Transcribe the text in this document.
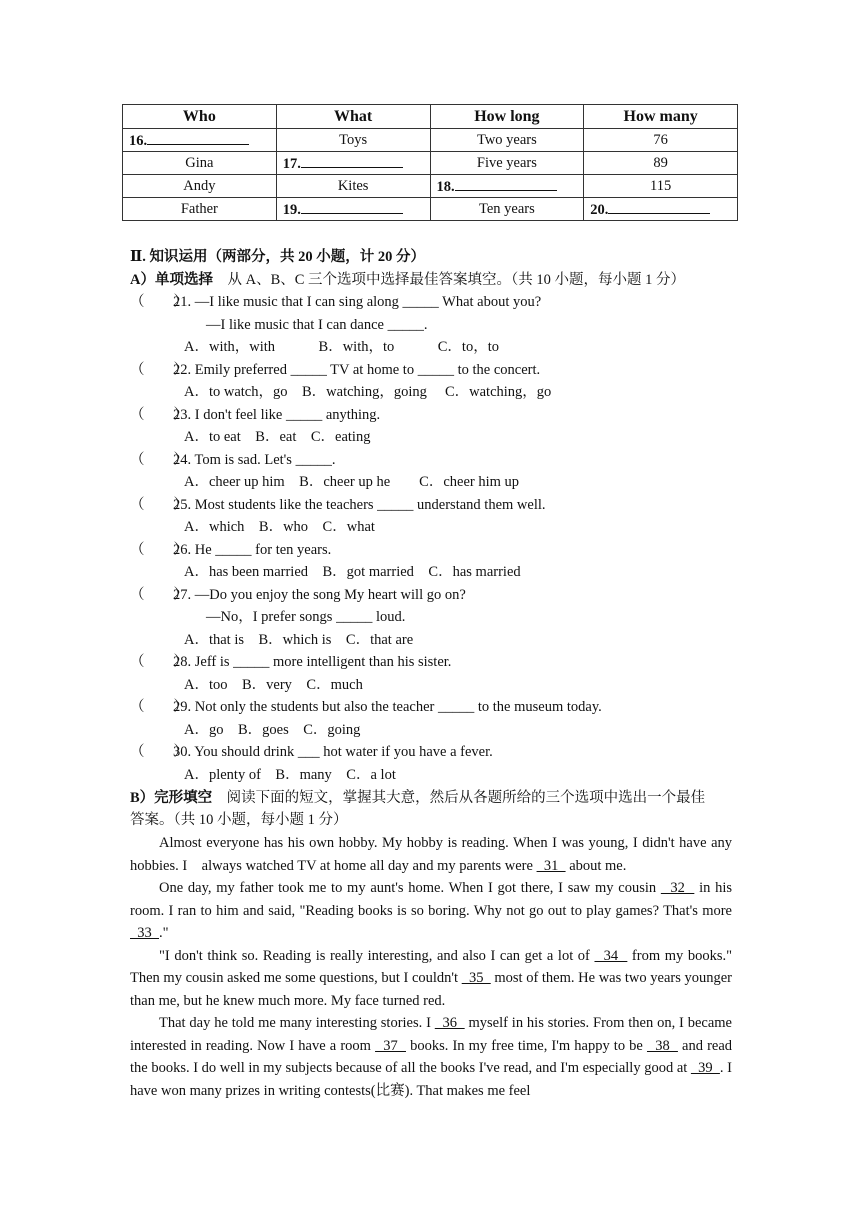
Who	What	How long	How many
16.	Toys	Two years	76
Gina	17.	Five years	89
Andy	Kites	18.	115
Father	19.	Ten years	20.
Ⅱ. 知识运用（两部分，共 20 小题，计 20 分）
A）单项选择　 从 A、B、C 三个选项中选择最佳答案填空。（共 10 小题，每小题 1 分）
（　　）21. —I like music that I can sing along _____ What about you?
—I like music that I can dance _____.
A．with，with　　　B．with，to　　　C．to，to
（　　）22. Emily preferred _____ TV at home to _____ to the concert.
A．to watch，go　B．watching，going　 C．watching，go
（　　）23. I don't feel like _____ anything.
A．to eat　B．eat　C．eating
（　　）24. Tom is sad. Let's _____.
A．cheer up him　B．cheer up he　　C．cheer him up
（　　）25. Most students like the teachers _____ understand them well.
A．which　B．who　C．what
（　　）26. He _____ for ten years.
A．has been married　B．got married　C．has married
（　　）27. —Do you enjoy the song My heart will go on?
—No，I prefer songs _____ loud.
A．that is　B．which is　C．that are
（　　）28. Jeff is _____ more intelligent than his sister.
A．too　B．very　C．much
（　　）29. Not only the students but also the teacher _____ to the museum today.
A．go　B．goes　C．going
（　　）30. You should drink ___ hot water if you have a fever.
A．plenty of　B．many　C．a lot
B）完形填空　 阅读下面的短文，掌握其大意，然后从各题所给的三个选项中选出一个最佳
答案。（共 10 小题，每小题 1 分）

Almost everyone has his own hobby. My hobby is reading. When I was young, I didn't have any hobbies. I　always watched TV at home all day and my parents were   31   about me.

One day, my father took me to my aunt's home. When I got there, I saw my cousin   32   in his room. I ran to him and said, "Reading books is so boring. Why not go out to play games? That's more   33  ."

"I don't think so. Reading is really interesting, and also I can get a lot of   34   from my books." Then my cousin asked me some questions, but I couldn't   35   most of them. He was two years younger than me, but he knew much more. My face turned red.

That day he told me many interesting stories. I   36   myself in his stories. From then on, I became interested in reading. Now I have a room   37   books. In my free time, I'm happy to be   38   and read the books. I do well in my subjects because of all the books I've read, and I'm especially good at   39  . I have won many prizes in writing contests(比赛). That makes me feel
